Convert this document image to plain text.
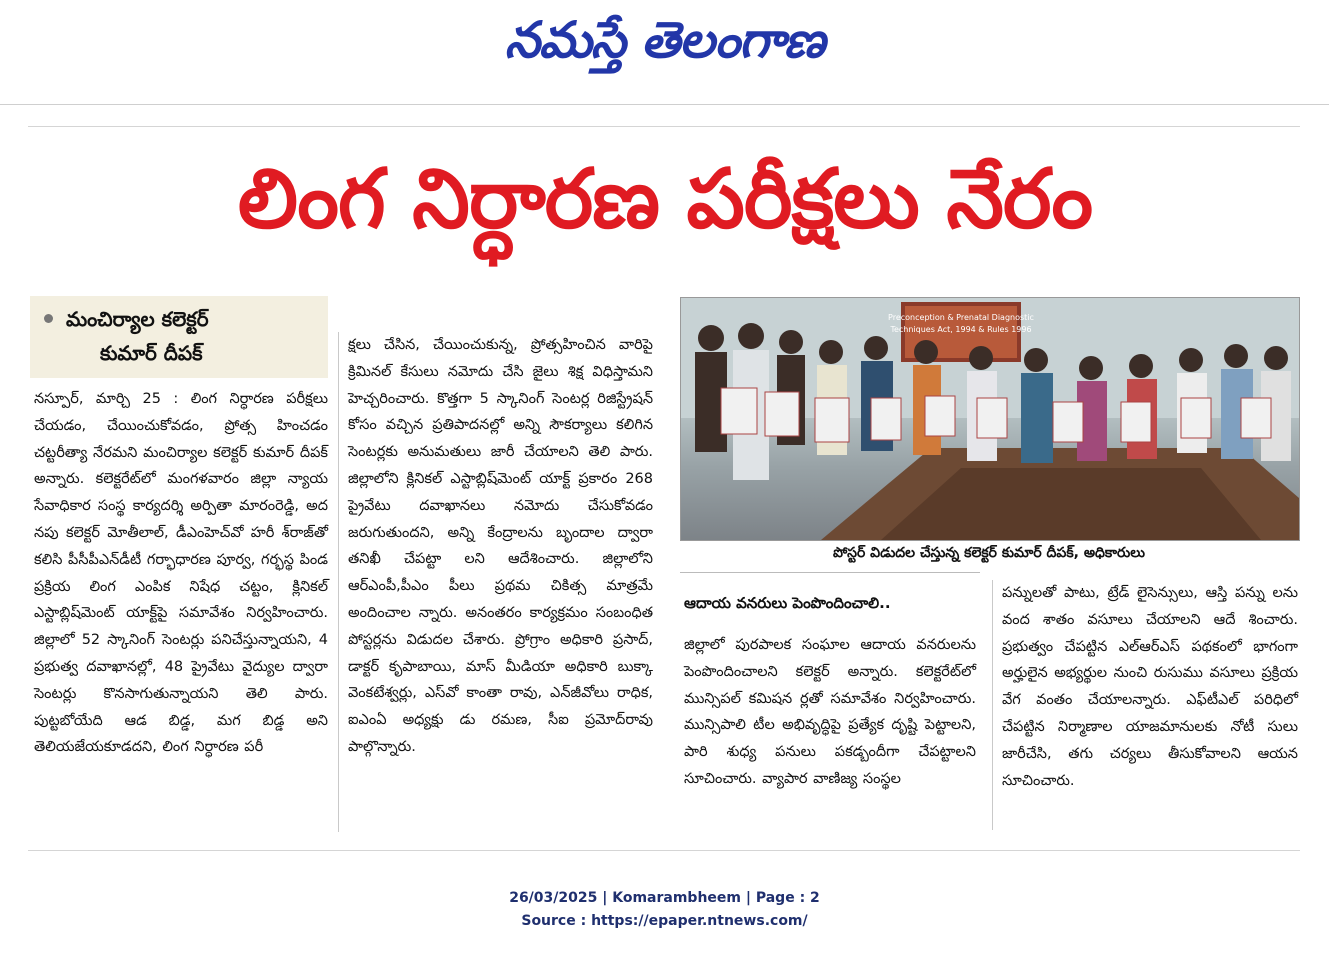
నమస్తే తెలంగాణ
లింగ నిర్ధారణ పరీక్షలు నేరం
మంచిర్యాల కలెక్టర్
కుమార్ దీపక్
నస్పూర్, మార్చి 25 : లింగ నిర్ధారణ పరీక్షలు చేయడం, చేయించుకోవడం, ప్రోత్స హించడం చట్టరీత్యా నేరమని మంచిర్యాల కలెక్టర్ కుమార్ దీపక్ అన్నారు. కలెక్టరేట్‌లో మంగళవారం జిల్లా న్యాయ సేవాధికార సంస్థ కార్యదర్శి అర్పితా మారంరెడ్డి, అద నపు కలెక్టర్ మోతీలాల్, డీఎంహెచ్‌వో హరీ శ్‌రాజ్‌తో కలిసి పీసీపీఎన్‌డీటీ గర్భాధారణ పూర్వ, గర్భస్థ పిండ ప్రక్రియ లింగ ఎంపిక నిషేధ చట్టం, క్లినికల్ ఎస్టాబ్లిష్‌మెంట్ యాక్ట్‌పై సమావేశం నిర్వహించారు. జిల్లాలో 52 స్కానింగ్ సెంటర్లు పనిచేస్తున్నాయని, 4 ప్రభుత్వ దవాఖానల్లో, 48 ప్రైవేటు వైద్యుల ద్వారా సెంటర్లు కొనసాగుతున్నాయని తెలి పారు. పుట్టబోయేది ఆడ బిడ్డ, మగ బిడ్డ అని తెలియజేయకూడదని, లింగ నిర్ధారణ పరీ
క్షలు చేసిన, చేయించుకున్న, ప్రోత్సహించిన వారిపై క్రిమినల్ కేసులు నమోదు చేసి జైలు శిక్ష విధిస్తామని హెచ్చరించారు. కొత్తగా 5 స్కానింగ్ సెంటర్ల రిజిస్ట్రేషన్ కోసం వచ్చిన ప్రతిపాదనల్లో అన్ని సౌకర్యాలు కలిగిన సెంటర్లకు అనుమతులు జారీ చేయాలని తెలి పారు. జిల్లాలోని క్లినికల్ ఎస్టాబ్లిష్‌మెంట్ యాక్ట్ ప్రకారం 268 ప్రైవేటు దవాఖానలు నమోదు చేసుకోవడం జరుగుతుందని, అన్ని కేంద్రాలను బృందాల ద్వారా తనిఖీ చేపట్టా లని ఆదేశించారు. జిల్లాలోని ఆర్‌ఎంపీ,పీఎం పీలు ప్రథమ చికిత్స మాత్రమే అందించాల న్నారు. అనంతరం కార్యక్రమం సంబంధిత పోస్టర్లను విడుదల చేశారు. ప్రోగ్రాం అధికారి ప్రసాద్, డాక్టర్ కృపాబాయి, మాస్ మీడియా అధికారి బుక్కా వెంకటేశ్వర్లు, ఎస్‌వో కాంతా రావు, ఎన్‌జీవోలు రాధిక, ఐఎంఏ అధ్యక్షు డు రమణ, సీఐ ప్రమోద్‌రావు పాల్గొన్నారు.
Preconception & Prenatal Diagnostic
Techniques Act, 1994 & Rules 1996
పోస్టర్ విడుదల చేస్తున్న కలెక్టర్ కుమార్ దీపక్, అధికారులు
ఆదాయ వనరులు పెంపొందించాలి..
జిల్లాలో పురపాలక సంఘాల ఆదాయ వనరులను పెంపొందించాలని కలెక్టర్ అన్నారు. కలెక్టరేట్‌లో మున్సిపల్ కమిషన ర్లతో సమావేశం నిర్వహించారు. మున్సిపాలి టీల అభివృద్ధిపై ప్రత్యేక దృష్టి పెట్టాలని, పారి శుధ్య పనులు పకడ్బందీగా చేపట్టాలని సూచించారు. వ్యాపార వాణిజ్య సంస్థల
పన్నులతో పాటు, ట్రేడ్ లైసెన్సులు, ఆస్తి పన్ను లను వంద శాతం వసూలు చేయాలని ఆదే శించారు. ప్రభుత్వం చేపట్టిన ఎల్‌ఆర్‌ఎస్ పథకంలో భాగంగా అర్హులైన అభ్యర్థుల నుంచి రుసుము వసూలు ప్రక్రియ వేగ వంతం చేయాలన్నారు. ఎఫ్‌టీఎల్ పరిధిలో చేపట్టిన నిర్మాణాల యాజమానులకు నోటీ సులు జారీచేసి, తగు చర్యలు తీసుకోవాలని ఆయన సూచించారు.
26/03/2025 | Komarambheem | Page : 2
Source : https://epaper.ntnews.com/
